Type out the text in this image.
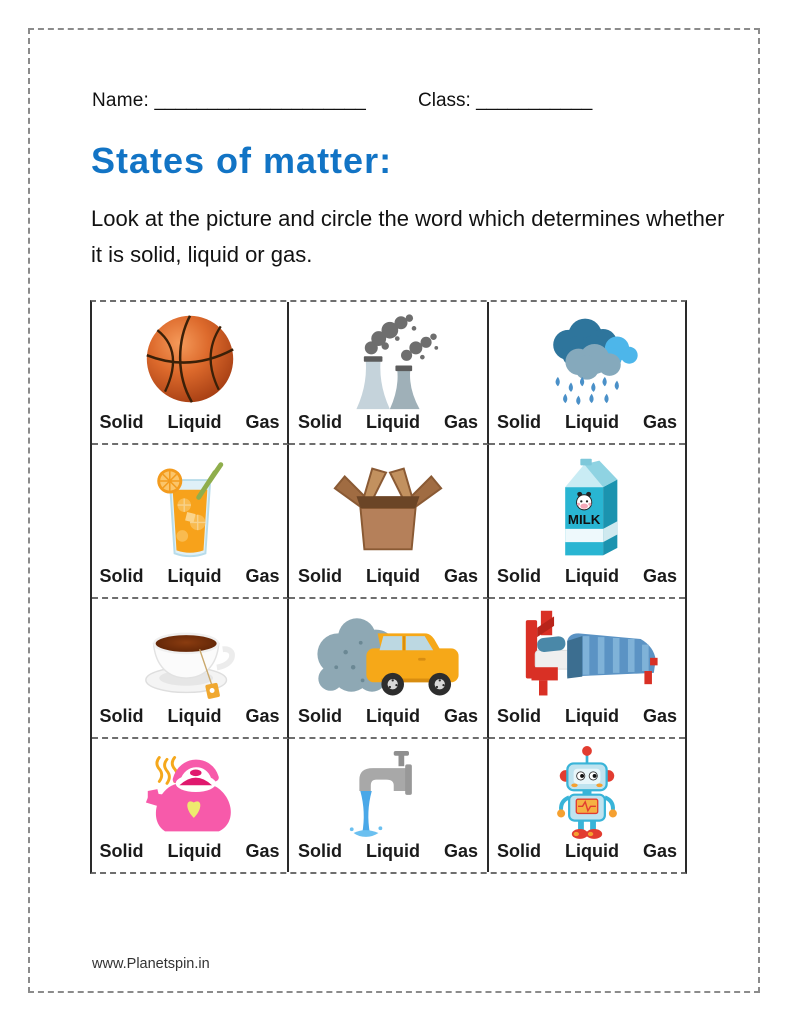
Name: ____________________	Class: ___________
States of matter:
Look at the picture and circle the word which determines whether it is solid, liquid or gas.
Solid Liquid Gas Solid Liquid Gas Solid Liquid Gas
Solid Liquid Gas Solid Liquid Gas
MILK
Solid Liquid Gas
Solid Liquid Gas Solid Liquid Gas Solid Liquid Gas
Solid Liquid Gas Solid Liquid Gas Solid Liquid Gas
www.Planetspin.in
